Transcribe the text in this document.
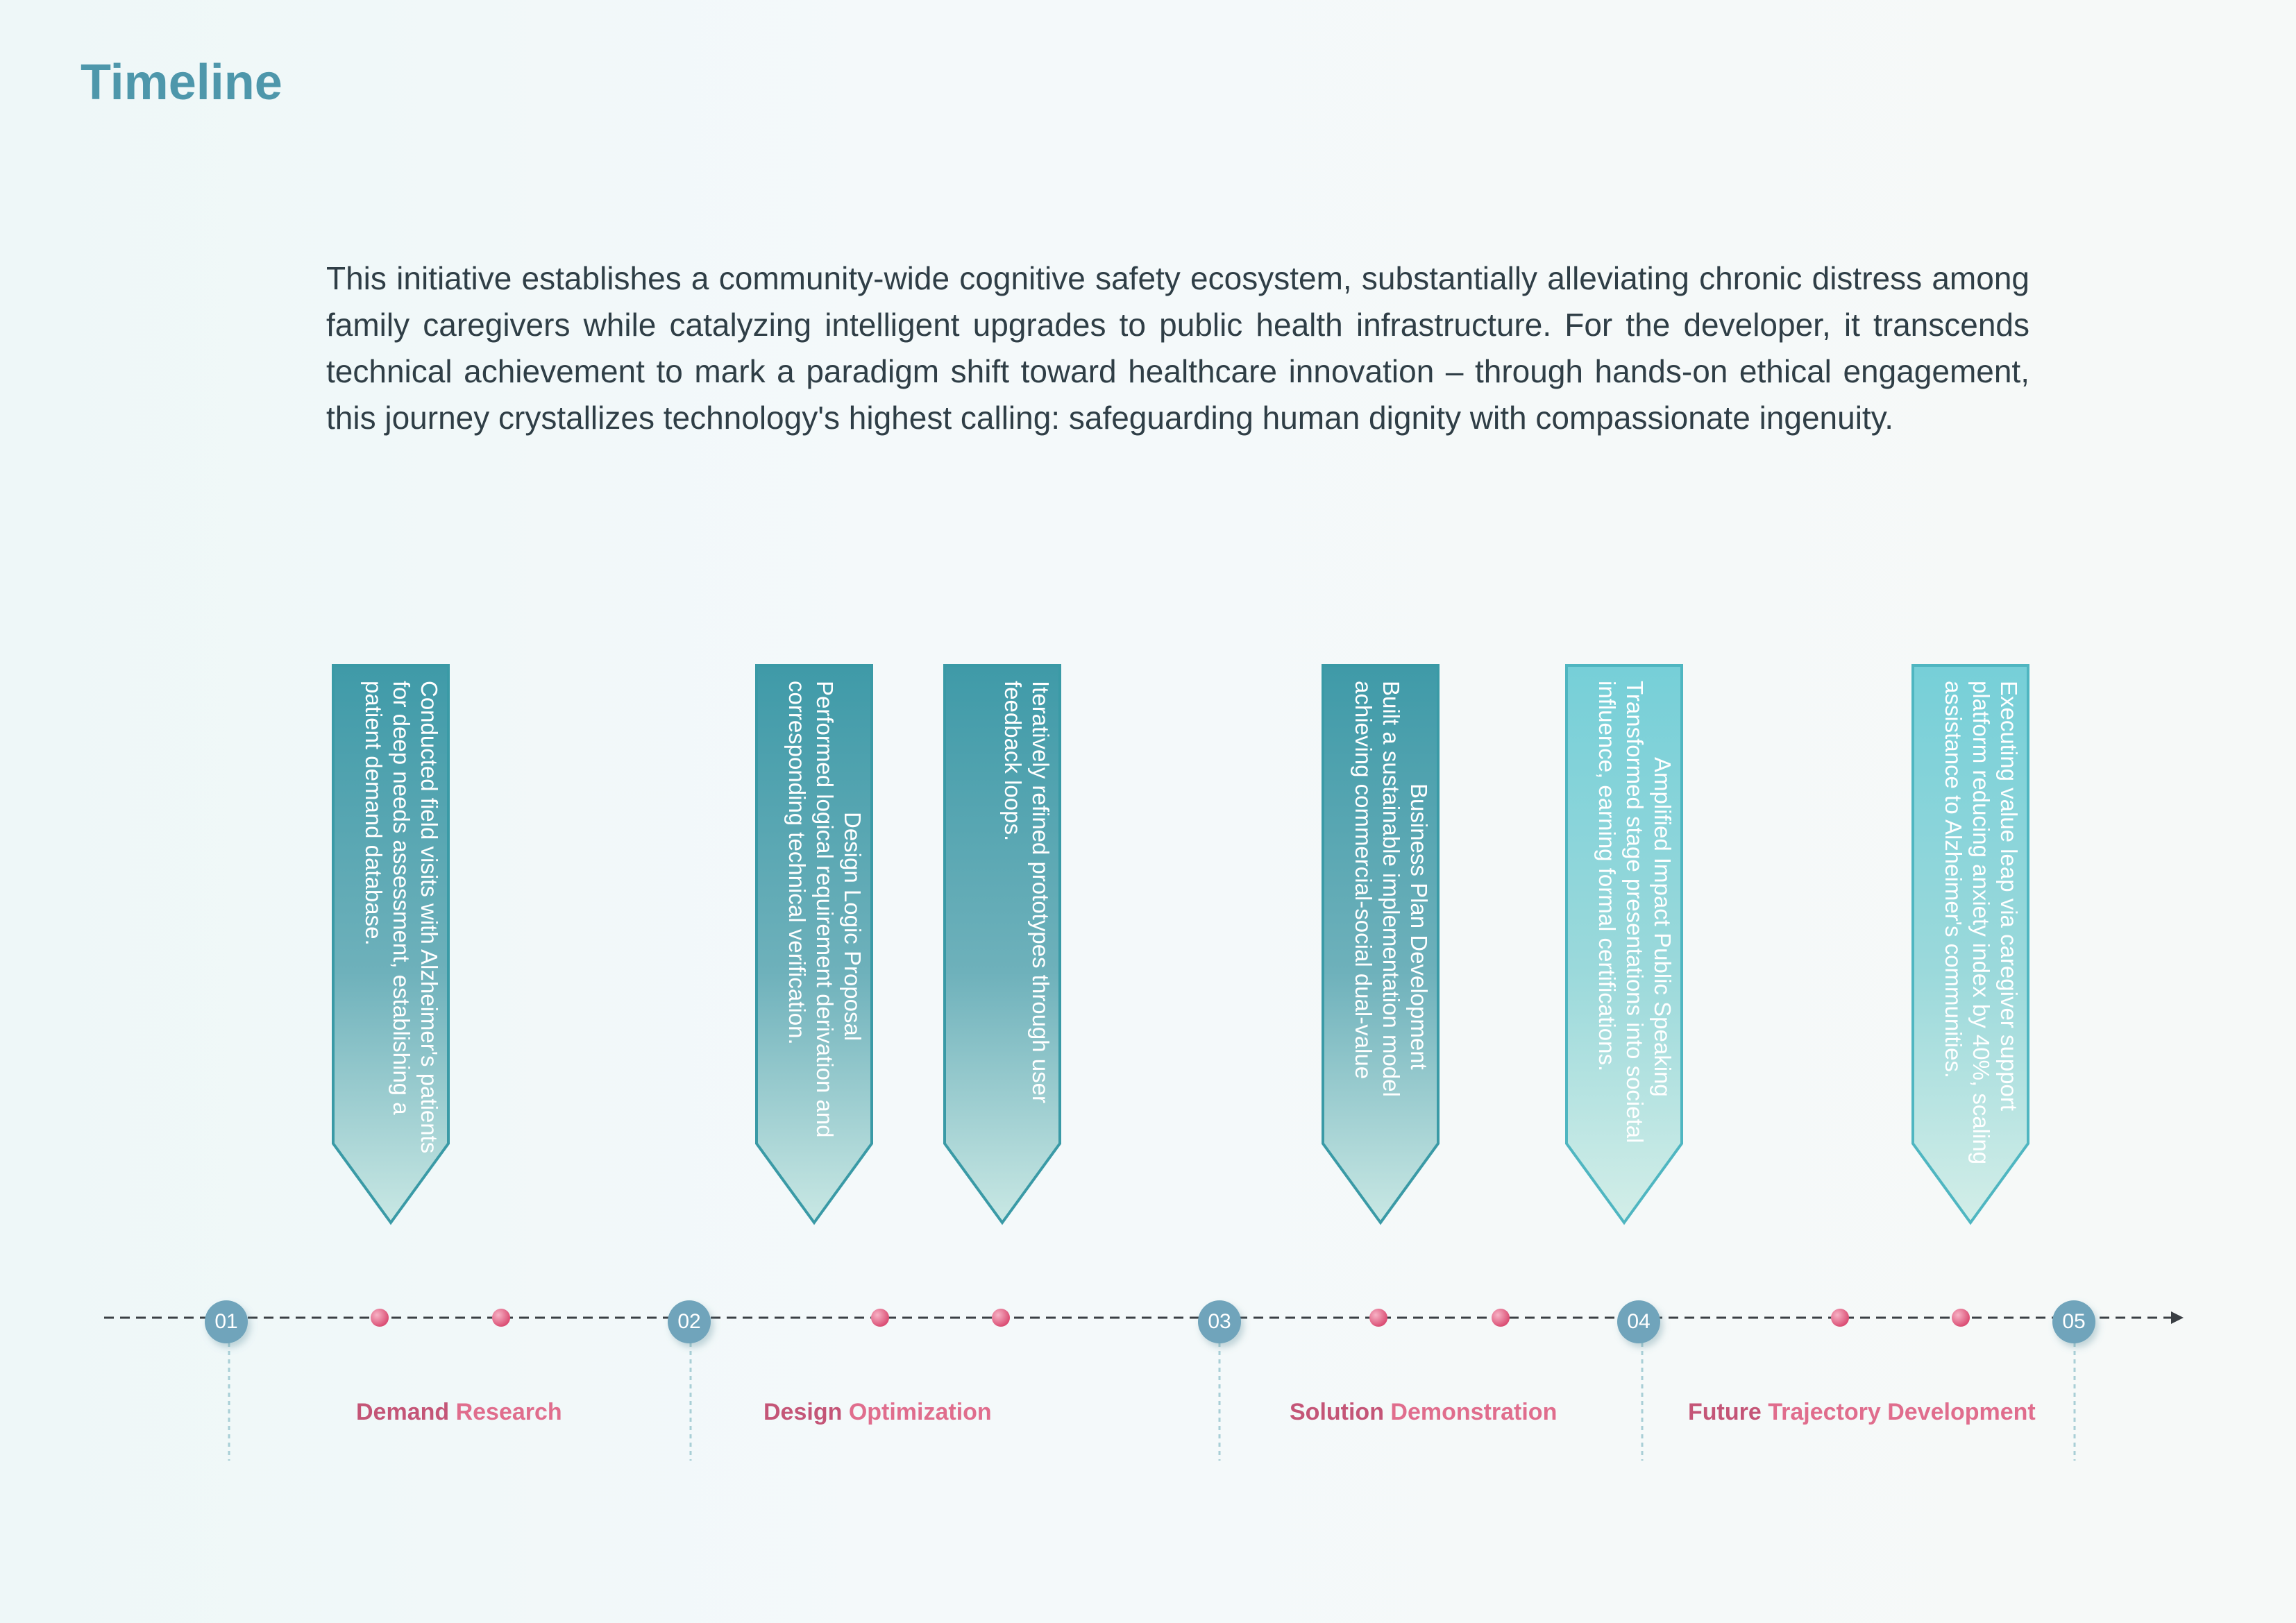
Timeline

This initiative establishes a community-wide cognitive safety ecosystem, substantially alleviating chronic distress among family caregivers while catalyzing intelligent upgrades to public health infrastructure. For the developer, it transcends technical achievement to mark a paradigm shift toward healthcare innovation – through hands-on ethical engagement, this journey crystallizes technology's highest calling: safeguarding human dignity with compassionate ingenuity.

Conducted field visits with Alzheimer's patients for deep needs assessment, establishing a patient demand database.	Design Logic Proposal
Performed logical requirement derivation and corresponding technical verification.	Iteratively refined prototypes through user feedback loops.
Business Plan Development
Built a sustainable implementation model achieving commercial-social dual-value	Amplified Impact Public Speaking
Transformed stage presentations into societal influence, earning formal certifications.	Executing value leap via caregiver support platform reducing anxiety index by 40%, scaling assistance to Alzheimer's communities.
01	02	03	04	05
Demand Research	Design Optimization	Solution Demonstration	Future Trajectory Development
